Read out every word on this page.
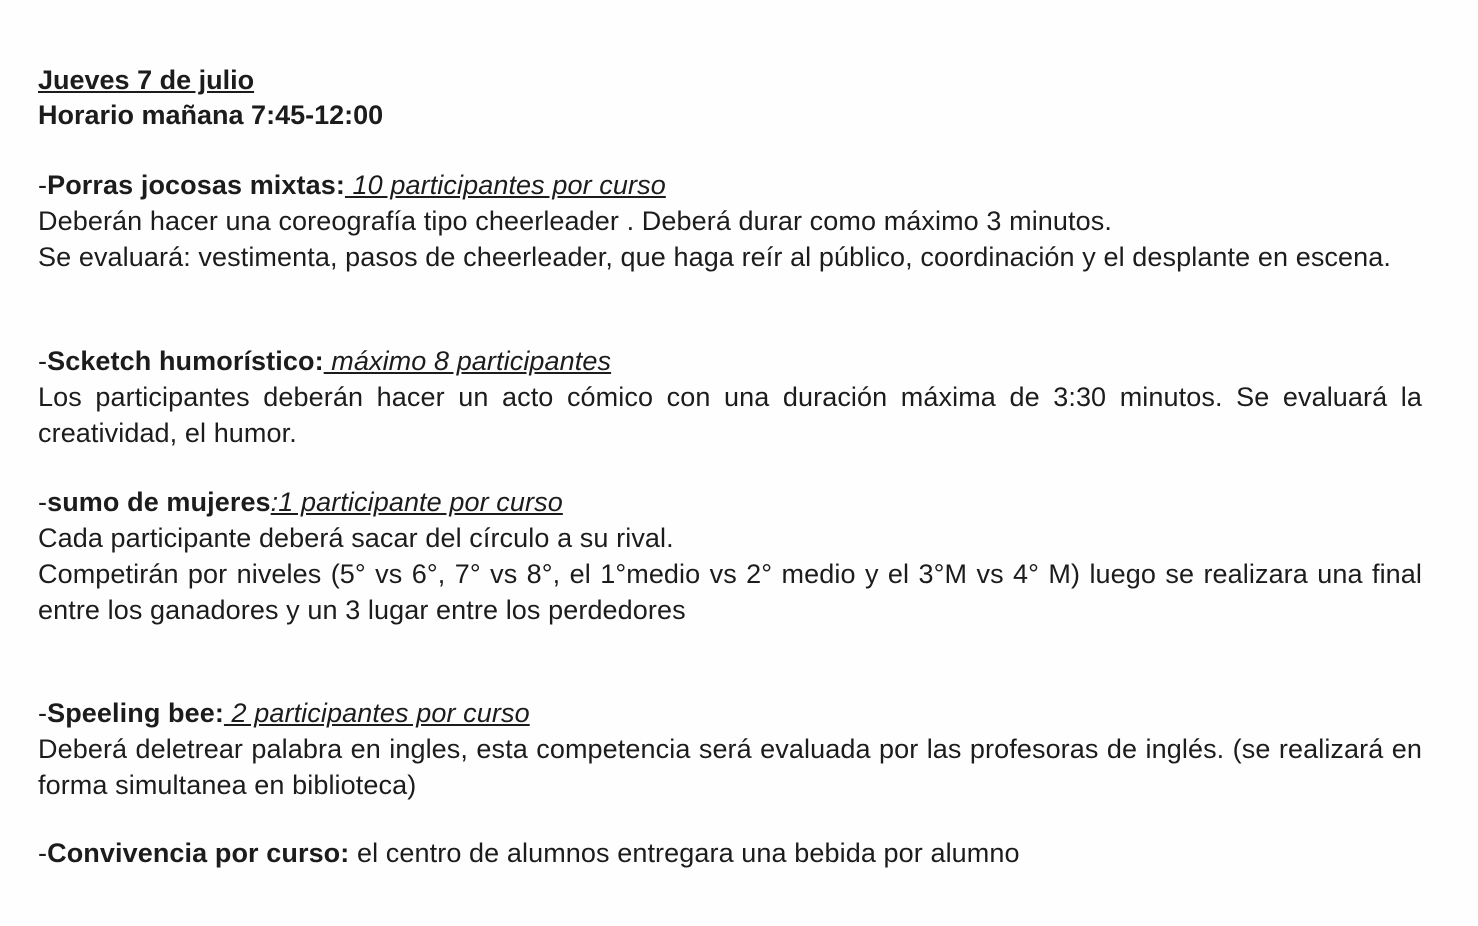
Jueves 7 de julio
Horario mañana 7:45-12:00
-Porras jocosas mixtas: 10 participantes por curso
Deberán hacer una coreografía tipo cheerleader . Deberá durar como máximo 3 minutos.
Se evaluará: vestimenta, pasos de cheerleader, que haga reír al público, coordinación y el desplante en escena.
-Scketch humorístico: máximo 8 participantes
Los participantes deberán hacer un acto cómico con una duración máxima de 3:30 minutos. Se evaluará la creatividad, el humor.
-sumo de mujeres:1 participante por curso
Cada participante deberá sacar del círculo a su rival.
Competirán por niveles (5° vs 6°, 7° vs 8°, el 1°medio vs 2° medio y el 3°M vs 4° M) luego se realizara una final entre los ganadores y un 3 lugar entre los perdedores
-Speeling bee: 2 participantes por curso
Deberá deletrear palabra en ingles, esta competencia será evaluada por las profesoras de inglés. (se realizará en forma simultanea en biblioteca)
-Convivencia por curso: el centro de alumnos entregara una bebida por alumno
